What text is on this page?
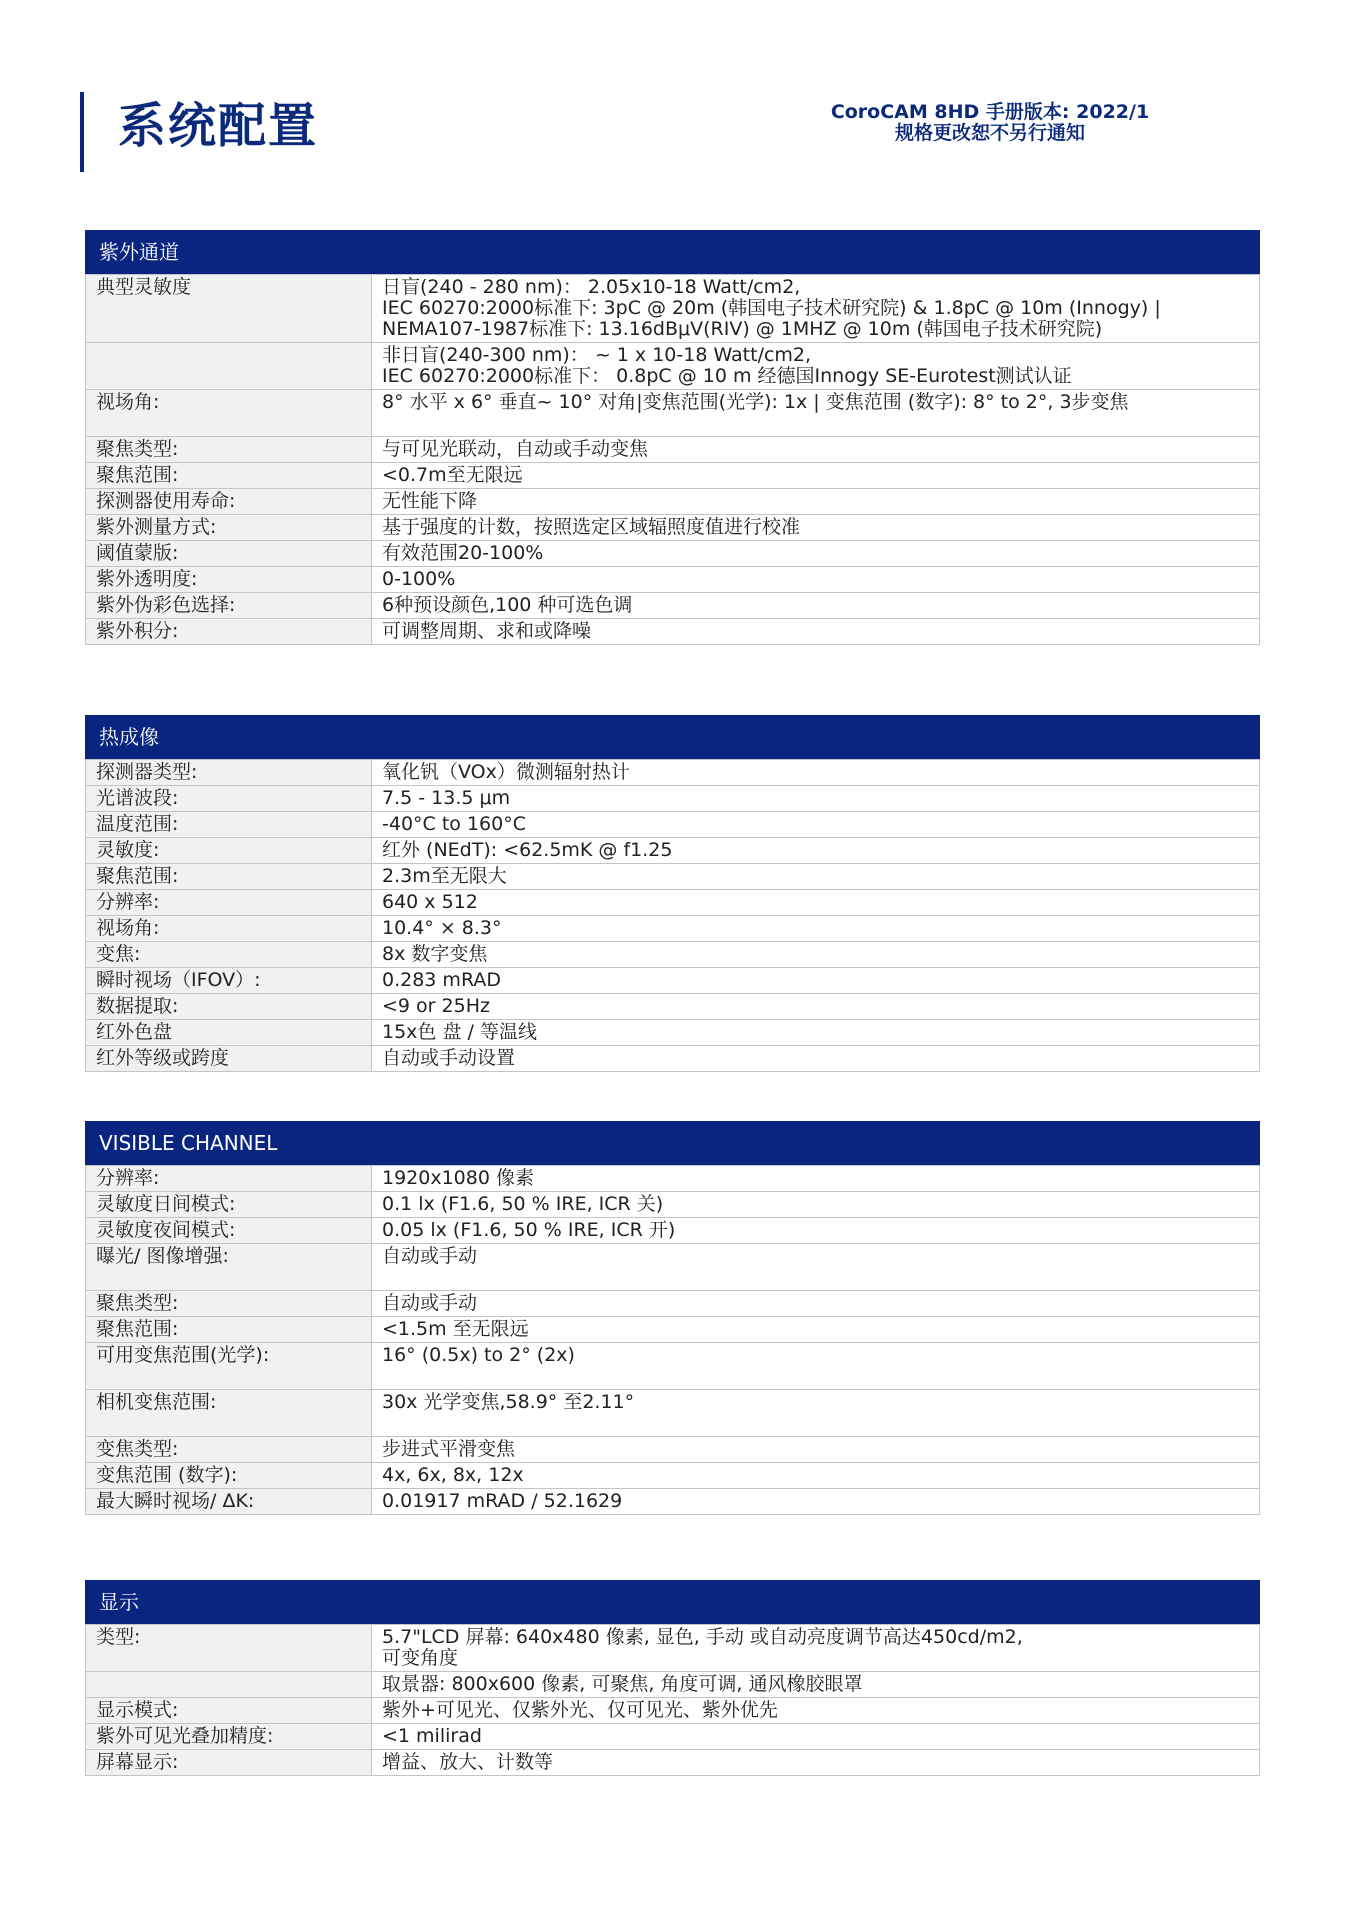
系统配置	CoroCAM 8HD 手册版本: 2022/1
规格更改恕不另行通知
紫外通道
典型灵敏度	日盲(240 - 280 nm)： 2.05x10-18 Watt/cm2,
IEC 60270:2000标准下: 3pC @ 20m (韩国电子技术研究院) & 1.8pC @ 10m (Innogy) |
NEMA107-1987标准下: 13.16dBμV(RIV) @ 1MHZ @ 10m (韩国电子技术研究院)

	非日盲(240-300 nm)： ~ 1 x 10-18 Watt/cm2,
IEC 60270:2000标准下： 0.8pC @ 10 m 经德国Innogy SE-Eurotest测试认证

视场角:	8° 水平 x 6° 垂直~ 10° 对角|变焦范围(光学): 1x | 变焦范围 (数字): 8° to 2°, 3步变焦

聚焦类型:	与可见光联动，自动或手动变焦

聚焦范围:	<0.7m至无限远

探测器使用寿命:	无性能下降

紫外测量方式:	基于强度的计数，按照选定区域辐照度值进行校准

阈值蒙版:	有效范围20-100%

紫外透明度:	0-100%

紫外伪彩色选择:	6种预设颜色,100 种可选色调

紫外积分:	可调整周期、求和或降噪
热成像
探测器类型:	氧化钒（VOx）微测辐射热计

光谱波段:	7.5 - 13.5 μm

温度范围:	-40°C to 160°C

灵敏度:	红外 (NEdT): <62.5mK @ f1.25

聚焦范围:	2.3m至无限大

分辨率:	640 x 512

视场角:	10.4° × 8.3°

变焦:	8x 数字变焦

瞬时视场（IFOV）:	0.283 mRAD

数据提取:	<9 or 25Hz

红外色盘	15x色 盘 / 等温线

红外等级或跨度	自动或手动设置
VISIBLE CHANNEL
分辨率:	1920x1080 像素

灵敏度日间模式:	0.1 lx (F1.6, 50 % IRE, ICR 关)

灵敏度夜间模式:	0.05 lx (F1.6, 50 % IRE, ICR 开)

曝光/ 图像增强:	自动或手动

聚焦类型:	自动或手动

聚焦范围:	<1.5m 至无限远

可用变焦范围(光学):	16° (0.5x) to 2° (2x)

相机变焦范围:	30x 光学变焦,58.9° 至2.11°

变焦类型:	步进式平滑变焦

变焦范围 (数字):	4x, 6x, 8x, 12x

最大瞬时视场/ ΔK:	0.01917 mRAD / 52.1629
显示
类型:	5.7"LCD 屏幕: 640x480 像素, 显色, 手动 或自动亮度调节高达450cd/m2,
可变角度

	取景器: 800x600 像素, 可聚焦, 角度可调, 通风橡胶眼罩

显示模式:	紫外+可见光、仅紫外光、仅可见光、紫外优先

紫外可见光叠加精度:	<1 milirad

屏幕显示:	增益、放大、计数等
